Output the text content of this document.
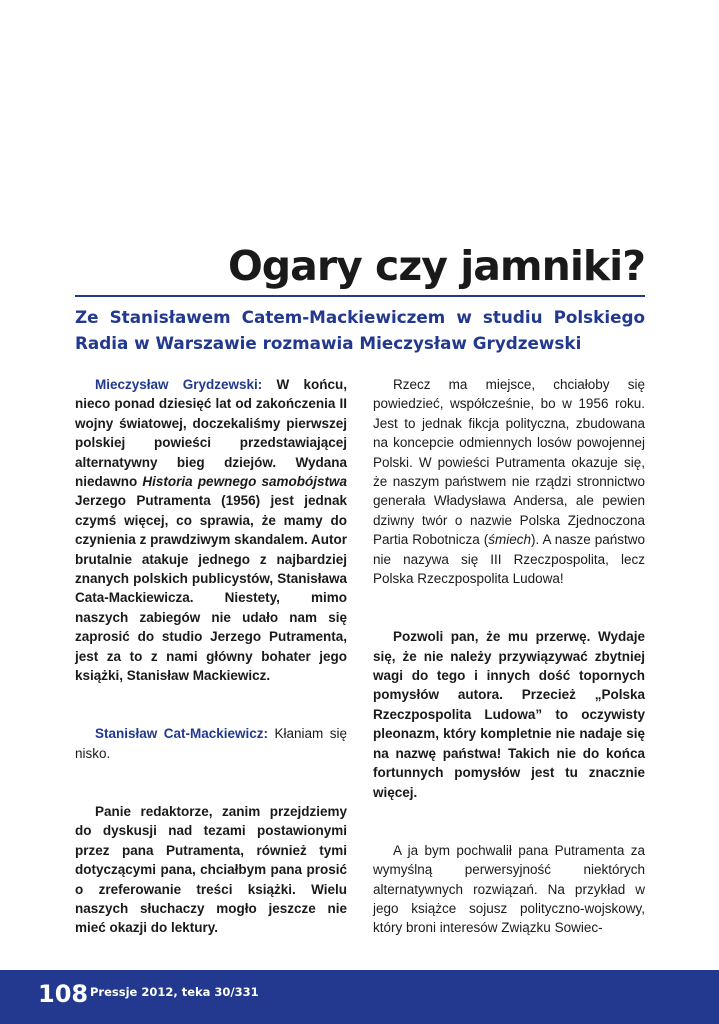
Ogary czy jamniki?

Ze Stanisławem Catem-Mackiewiczem w studiu Polskiego Radia w Warszawie rozmawia Mieczysław Grydzewski

Mieczysław Grydzewski: W końcu, nieco ponad dziesięć lat od zakończenia II wojny światowej, doczekaliśmy pierwszej polskiej powieści przedstawiającej alternatywny bieg dziejów. Wydana niedawno Historia pewnego samobójstwa Jerzego Putramenta (1956) jest jednak czymś więcej, co sprawia, że mamy do czynienia z prawdziwym skandalem. Autor brutalnie atakuje jednego z najbardziej znanych polskich publicystów, Stanisława Cata-Mackiewicza. Niestety, mimo naszych zabiegów nie udało nam się zaprosić do studio Jerzego Putramenta, jest za to z nami główny bohater jego książki, Stanisław Mackiewicz.

Stanisław Cat-Mackiewicz: Kłaniam się nisko.

Panie redaktorze, zanim przejdziemy do dyskusji nad tezami postawionymi przez pana Putramenta, również tymi dotyczącymi pana, chciałbym pana prosić o zreferowanie treści książki. Wielu naszych słuchaczy mogło jeszcze nie mieć okazji do lektury.

Rzecz ma miejsce, chciałoby się powiedzieć, współcześnie, bo w 1956 roku. Jest to jednak fikcja polityczna, zbudowana na koncepcie odmiennych losów powojennej Polski. W powieści Putramenta okazuje się, że naszym państwem nie rządzi stronnictwo generała Władysława Andersa, ale pewien dziwny twór o nazwie Polska Zjednoczona Partia Robotnicza (śmiech). A nasze państwo nie nazywa się III Rzeczpospolita, lecz Polska Rzeczpospolita Ludowa!

Pozwoli pan, że mu przerwę. Wydaje się, że nie należy przywiązywać zbytniej wagi do tego i innych dość topornych pomysłów autora. Przecież „Polska Rzeczpospolita Ludowa” to oczywisty pleonazm, który kompletnie nie nadaje się na nazwę państwa! Takich nie do końca fortunnych pomysłów jest tu znacznie więcej.

A ja bym pochwalił pana Putramenta za wymyślną perwersyjność niektórych alternatywnych rozwiązań. Na przykład w jego książce sojusz polityczno-wojskowy, który broni interesów Związku Sowiec-

108 Pressje 2012, teka 30/331
